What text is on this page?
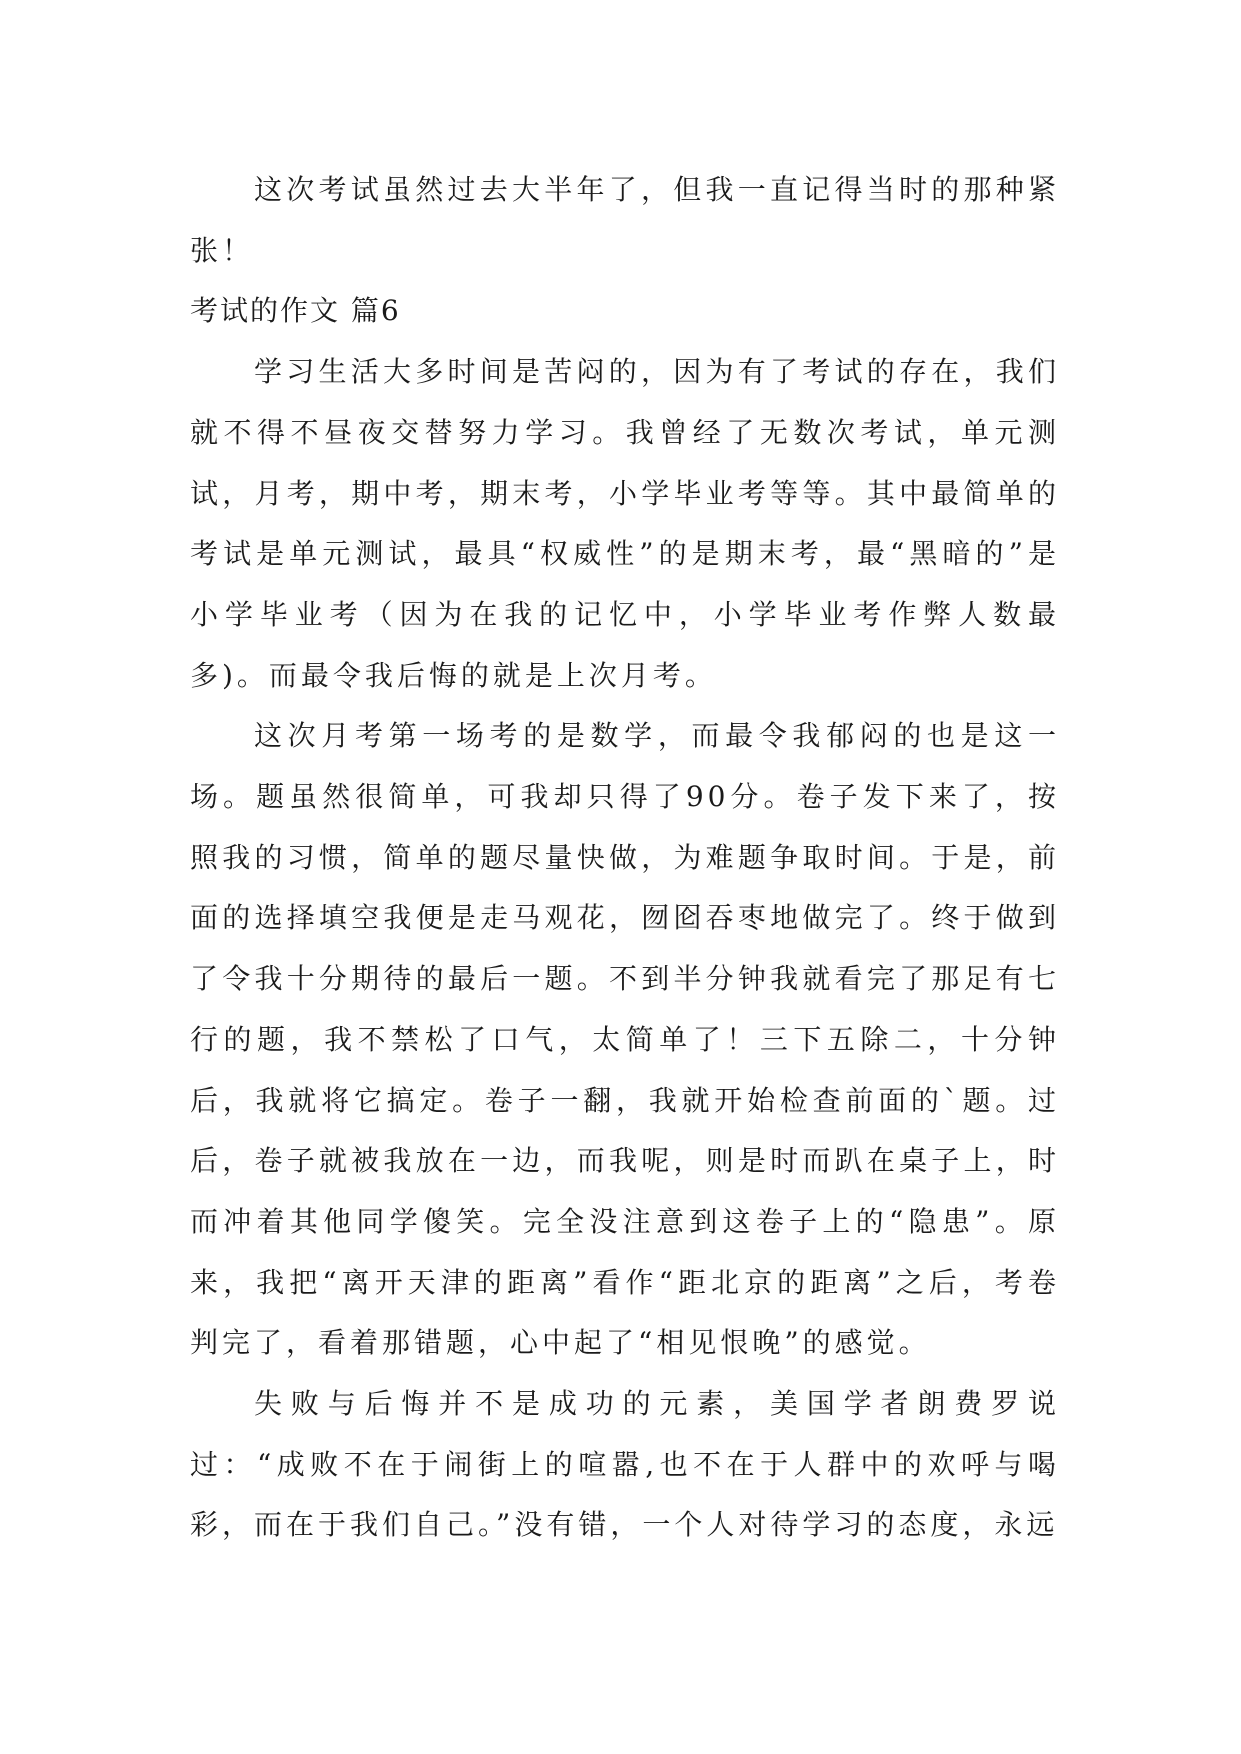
这次考试虽然过去大半年了，但我一直记得当时的那种紧张！

考试的作文 篇6

学习生活大多时间是苦闷的，因为有了考试的存在，我们就不得不昼夜交替努力学习。我曾经了无数次考试，单元测试，月考，期中考，期末考，小学毕业考等等。其中最简单的考试是单元测试，最具“权威性”的是期末考，最“黑暗的”是小学毕业考（因为在我的记忆中，小学毕业考作弊人数最多)。而最令我后悔的就是上次月考。

这次月考第一场考的是数学，而最令我郁闷的也是这一场。题虽然很简单，可我却只得了90分。卷子发下来了，按照我的习惯，简单的题尽量快做，为难题争取时间。于是，前面的选择填空我便是走马观花，囫囵吞枣地做完了。终于做到了令我十分期待的最后一题。不到半分钟我就看完了那足有七行的题，我不禁松了口气，太简单了！三下五除二，十分钟后，我就将它搞定。卷子一翻，我就开始检查前面的`题。过后，卷子就被我放在一边，而我呢，则是时而趴在桌子上，时而冲着其他同学傻笑。完全没注意到这卷子上的“隐患”。原来，我把“离开天津的距离”看作“距北京的距离”之后，考卷判完了，看着那错题，心中起了“相见恨晚”的感觉。

失败与后悔并不是成功的元素，美国学者朗费罗说过：“成败不在于闹街上的喧嚣,也不在于人群中的欢呼与喝彩，而在于我们自己。”没有错，一个人对待学习的态度，永远
